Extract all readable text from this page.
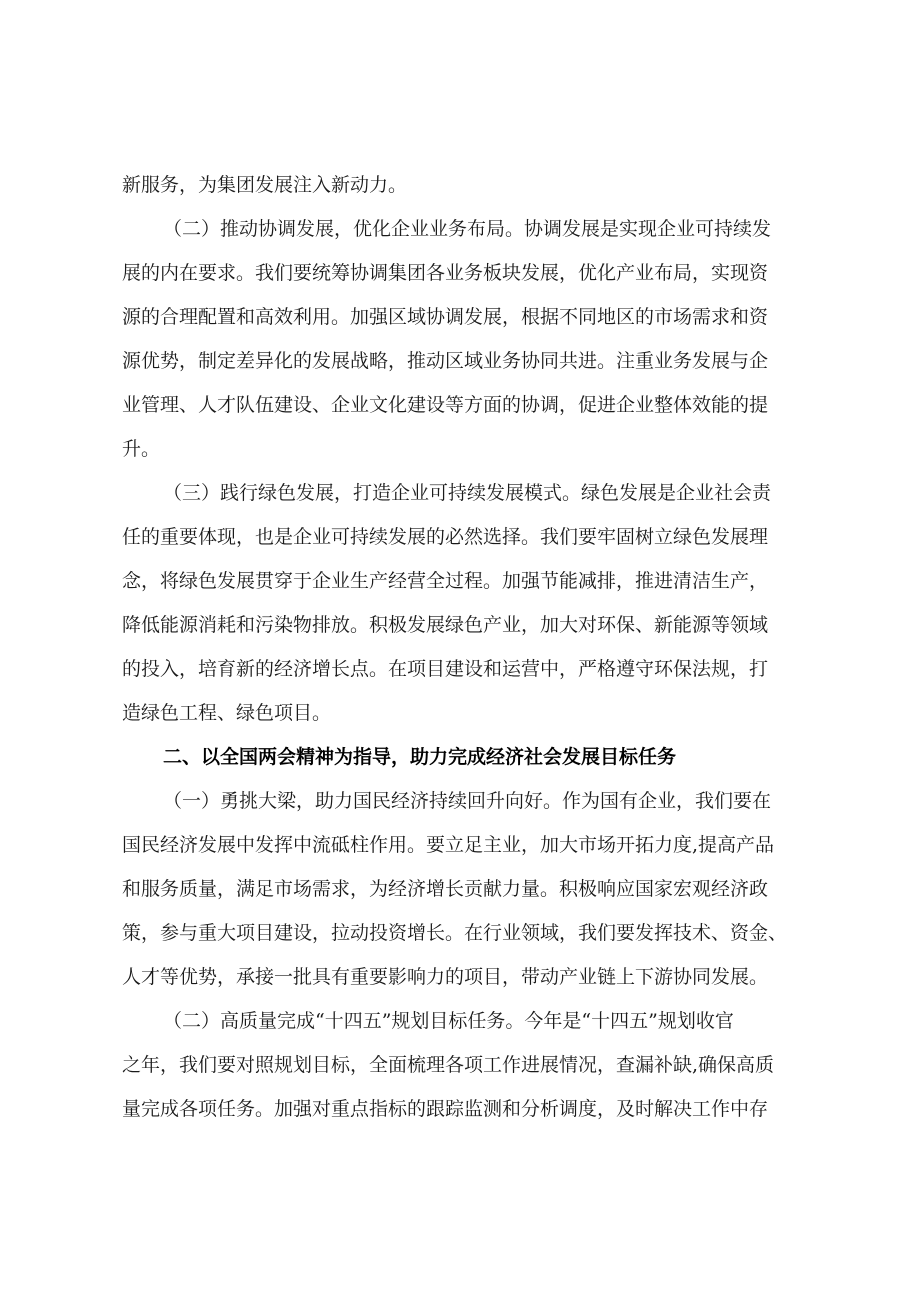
新服务，为集团发展注入新动力。
（二）推动协调发展，优化企业业务布局。协调发展是实现企业可持续发
展的内在要求。我们要统筹协调集团各业务板块发展，优化产业布局，实现资
源的合理配置和高效利用。加强区域协调发展，根据不同地区的市场需求和资
源优势，制定差异化的发展战略，推动区域业务协同共进。注重业务发展与企
业管理、人才队伍建设、企业文化建设等方面的协调，促进企业整体效能的提
升。
（三）践行绿色发展，打造企业可持续发展模式。绿色发展是企业社会责
任的重要体现，也是企业可持续发展的必然选择。我们要牢固树立绿色发展理
念，将绿色发展贯穿于企业生产经营全过程。加强节能减排，推进清洁生产，
降低能源消耗和污染物排放。积极发展绿色产业，加大对环保、新能源等领域
的投入，培育新的经济增长点。在项目建设和运营中，严格遵守环保法规，打
造绿色工程、绿色项目。
二、以全国两会精神为指导，助力完成经济社会发展目标任务
（一）勇挑大梁，助力国民经济持续回升向好。作为国有企业，我们要在
国民经济发展中发挥中流砥柱作用。要立足主业，加大市场开拓力度,提高产品
和服务质量，满足市场需求，为经济增长贡献力量。积极响应国家宏观经济政
策，参与重大项目建设，拉动投资增长。在行业领域，我们要发挥技术、资金、
人才等优势，承接一批具有重要影响力的项目，带动产业链上下游协同发展。
（二）高质量完成“十四五”规划目标任务。今年是“十四五”规划收官
之年，我们要对照规划目标，全面梳理各项工作进展情况，查漏补缺,确保高质
量完成各项任务。加强对重点指标的跟踪监测和分析调度，及时解决工作中存
